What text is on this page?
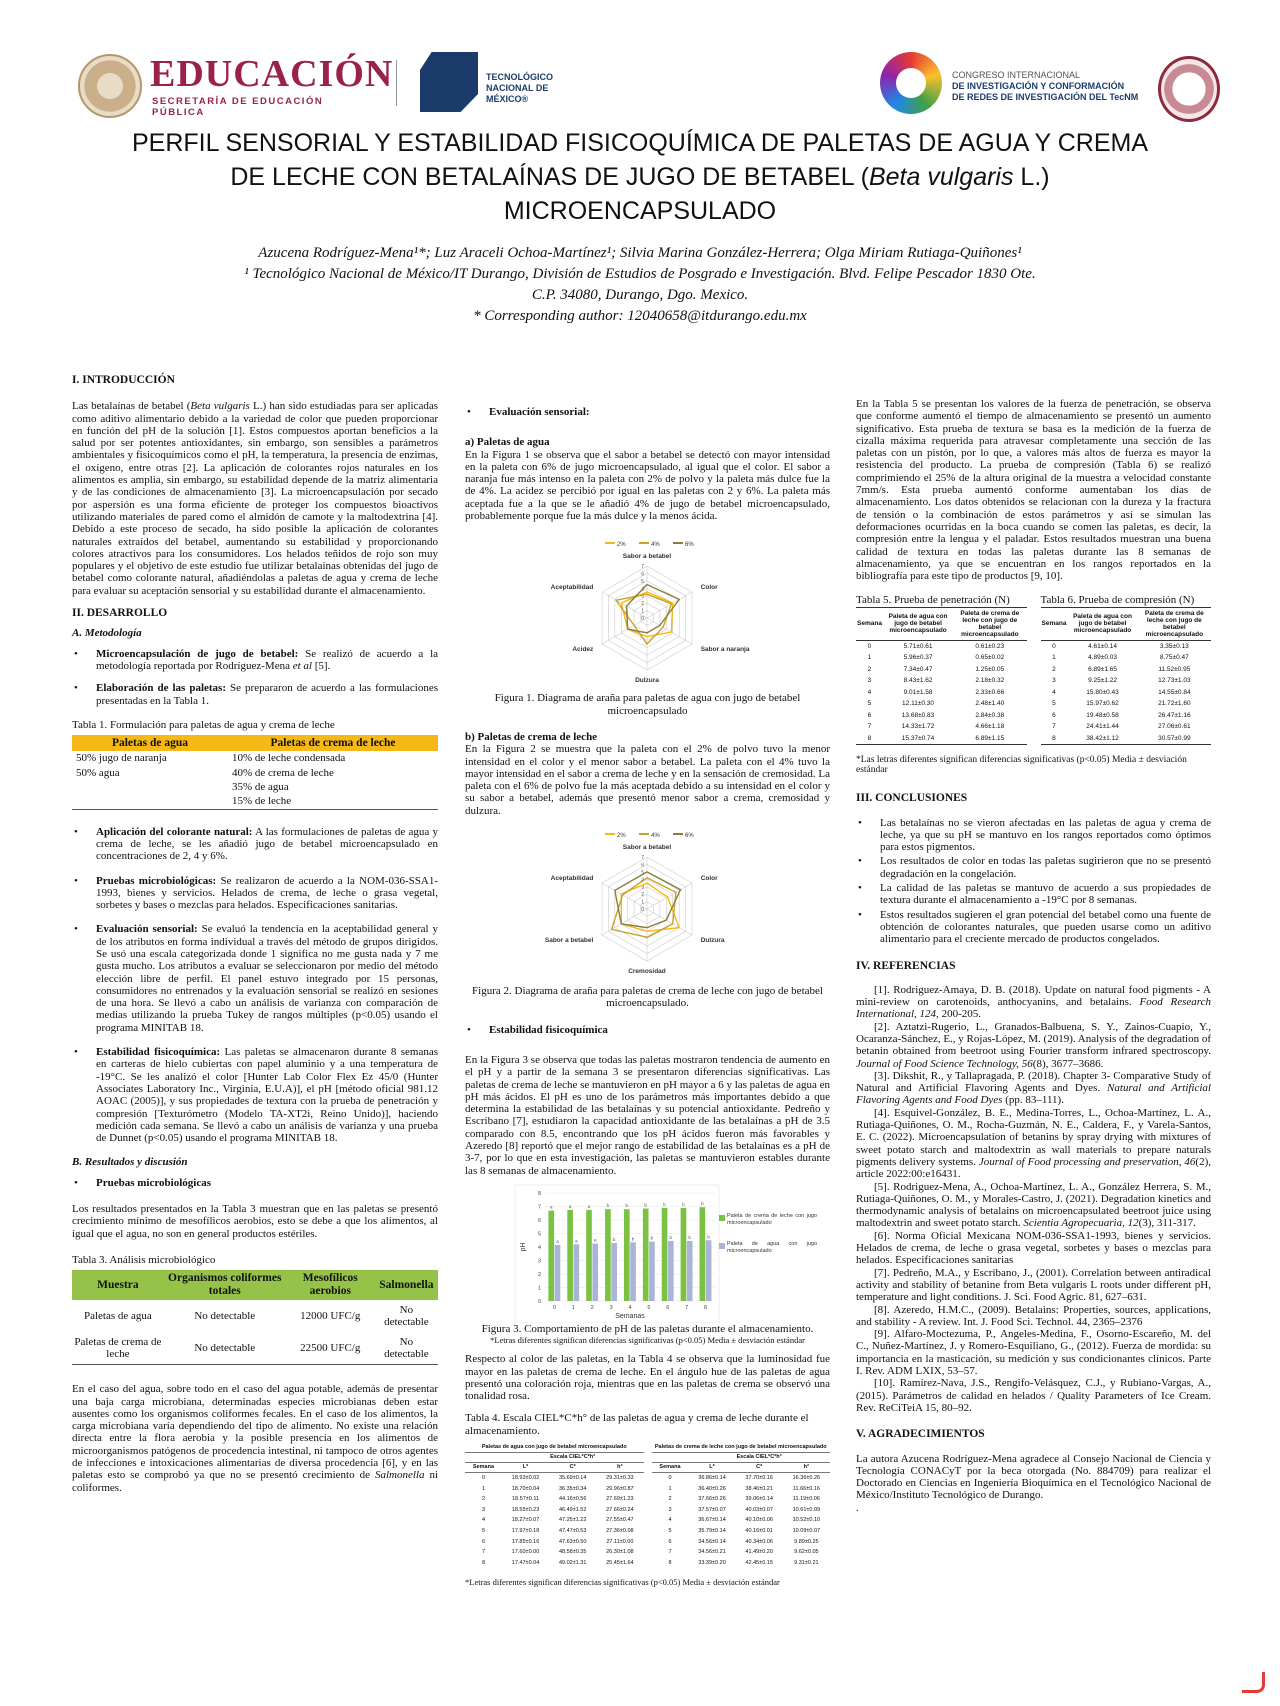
EDUCACIÓN
SECRETARÍA DE EDUCACIÓN PÚBLICA
TECNOLÓGICO
NACIONAL DE MÉXICO®
CONGRESO INTERNACIONAL
DE INVESTIGACIÓN Y CONFORMACIÓN
DE REDES DE INVESTIGACIÓN DEL TecNM
PERFIL SENSORIAL Y ESTABILIDAD FISICOQUÍMICA DE PALETAS DE AGUA Y CREMA
DE LECHE CON BETALAÍNAS DE JUGO DE BETABEL (Beta vulgaris L.)
MICROENCAPSULADO
Azucena Rodríguez-Mena¹*; Luz Araceli Ochoa-Martínez¹; Silvia Marina González-Herrera; Olga Miriam Rutiaga-Quiñones¹
¹ Tecnológico Nacional de México/IT Durango, División de Estudios de Posgrado e Investigación. Blvd. Felipe Pescador 1830 Ote.
C.P. 34080, Durango, Dgo. Mexico.
* Corresponding author: 12040658@itdurango.edu.mx

I. INTRODUCCIÓN

Las betalaínas de betabel (Beta vulgaris L.) han sido estudiadas para ser aplicadas como aditivo alimentario debido a la variedad de color que pueden proporcionar en función del pH de la solución [1]. Estos compuestos aportan beneficios a la salud por ser potentes antioxidantes, sin embargo, son sensibles a parámetros ambientales y fisicoquímicos como el pH, la temperatura, la presencia de enzimas, el oxígeno, entre otras [2]. La aplicación de colorantes rojos naturales en los alimentos es amplia, sin embargo, su estabilidad depende de la matriz alimentaria y de las condiciones de almacenamiento [3]. La microencapsulación por secado por aspersión es una forma eficiente de proteger los compuestos bioactivos utilizando materiales de pared como el almidón de camote y la maltodextrina [4]. Debido a este proceso de secado, ha sido posible la aplicación de colorantes naturales extraídos del betabel, aumentando su estabilidad y proporcionando colores atractivos para los consumidores. Los helados teñidos de rojo son muy populares y el objetivo de este estudio fue utilizar betalaínas obtenidas del jugo de betabel como colorante natural, añadiéndolas a paletas de agua y crema de leche para evaluar su aceptación sensorial y su estabilidad durante el almacenamiento.

II. DESARROLLO

A. Metodología

• Microencapsulación de jugo de betabel: Se realizó de acuerdo a la metodología reportada por Rodríguez-Mena et al [5].

• Elaboración de las paletas: Se prepararon de acuerdo a las formulaciones presentadas en la Tabla 1.

Tabla 1. Formulación para paletas de agua y crema de leche

Paletas de agua	Paletas de crema de leche
50% jugo de naranja	10% de leche condensada
50% agua	40% de crema de leche
	35% de agua
	15% de leche

• Aplicación del colorante natural: A las formulaciones de paletas de agua y crema de leche, se les añadió jugo de betabel microencapsulado en concentraciones de 2, 4 y 6%.

• Pruebas microbiológicas: Se realizaron de acuerdo a la NOM-036-SSA1-1993, bienes y servicios. Helados de crema, de leche o grasa vegetal, sorbetes y bases o mezclas para helados. Especificaciones sanitarias.

• Evaluación sensorial: Se evaluó la tendencia en la aceptabilidad general y de los atributos en forma individual a través del método de grupos dirigidos. Se usó una escala categorizada donde 1 significa no me gusta nada y 7 me gusta mucho. Los atributos a evaluar se seleccionaron por medio del método elección libre de perfil. El panel estuvo integrado por 15 personas, consumidores no entrenados y la evaluación sensorial se realizó en sesiones de una hora. Se llevó a cabo un análisis de varianza con comparación de medias utilizando la prueba Tukey de rangos múltiples (p<0.05) usando el programa MINITAB 18.

• Estabilidad fisicoquímica: Las paletas se almacenaron durante 8 semanas en carteras de hielo cubiertas con papel aluminio y a una temperatura de -19°C. Se les analizó el color [Hunter Lab Color Flex Ez 45/0 (Hunter Associates Laboratory Inc., Virginia, E.U.A)], el pH [método oficial 981.12 AOAC (2005)], y sus propiedades de textura con la prueba de penetración y compresión [Texturómetro (Modelo TA-XT2i, Reino Unido)], haciendo medición cada semana. Se llevó a cabo un análisis de varianza y una prueba de Dunnet (p<0.05) usando el programa MINITAB 18.

B. Resultados y discusión

• Pruebas microbiológicas

Los resultados presentados en la Tabla 3 muestran que en las paletas se presentó crecimiento mínimo de mesofílicos aerobios, esto se debe a que los alimentos, al igual que el agua, no son en general productos estériles.

Tabla 3. Análisis microbiológico

Muestra	Organismos coliformes totales	Mesofílicos aerobios	Salmonella
Paletas de agua	No detectable	12000 UFC/g	No detectable
Paletas de crema de leche	No detectable	22500 UFC/g	No detectable

En el caso del agua, sobre todo en el caso del agua potable, además de presentar una baja carga microbiana, determinadas especies microbianas deben estar ausentes como los organismos coliformes fecales. En el caso de los alimentos, la carga microbiana varía dependiendo del tipo de alimento. No existe una relación directa entre la flora aerobia y la posible presencia en los alimentos de microorganismos patógenos de procedencia intestinal, ni tampoco de otros agentes de infecciones e intoxicaciones alimentarias de diversa procedencia [6], y en las paletas esto se comprobó ya que no se presentó crecimiento de Salmonella ni coliformes.

• Evaluación sensorial:

a) Paletas de agua

En la Figura 1 se observa que el sabor a betabel se detectó con mayor intensidad en la paleta con 6% de jugo microencapsulado, al igual que el color. El sabor a naranja fue más intenso en la paleta con 2% de polvo y la paleta más dulce fue la de 4%. La acidez se percibió por igual en las paletas con 2 y 6%. La paleta más aceptada fue a la que se le añadió 4% de jugo de betabel microencapsulado, probablemente porque fue la más dulce y la menos ácida.

2%	4%	6%
Sabor a betabel
Color
Sabor a naranja
Dulzura
Acidez
Aceptabilidad
0
1
2
3
4
5
6
7

Figura 1. Diagrama de araña para paletas de agua con jugo de betabel microencapsulado

b) Paletas de crema de leche

En la Figura 2 se muestra que la paleta con el 2% de polvo tuvo la menor intensidad en el color y el menor sabor a betabel. La paleta con el 4% tuvo la mayor intensidad en el sabor a crema de leche y en la sensación de cremosidad. La paleta con el 6% de polvo fue la más aceptada debido a su intensidad en el color y su sabor a betabel, además que presentó menor sabor a crema, cremosidad y dulzura.

2%	4%	6%
Sabor a betabel
Color
Dulzura
Cremosidad
Sabor a betabel
Aceptabilidad
0
1
2
3
4
5
6
7

Figura 2. Diagrama de araña para paletas de crema de leche con jugo de betabel microencapsulado.

• Estabilidad fisicoquímica

En la Figura 3 se observa que todas las paletas mostraron tendencia de aumento en el pH y a partir de la semana 3 se presentaron diferencias significativas. Las paletas de crema de leche se mantuvieron en pH mayor a 6 y las paletas de agua en pH más ácidos. El pH es uno de los parámetros más importantes debido a que determina la estabilidad de las betalaínas y su potencial antioxidante. Pedreño y Escribano [7], estudiaron la capacidad antioxidante de las betalaínas a pH de 3.5 comparado con 8.5, encontrando que los pH ácidos fueron más favorables y Azeredo [8] reportó que el mejor rango de estabilidad de las betalaínas es a pH de 3-7, por lo que en esta investigación, las paletas se mantuvieron estables durante las 8 semanas de almacenamiento.

0
1
2
3
4
5
6
7
8
pH
a
a
0
a
a
1
a
a
2
b
b
3
b
b
4
b
b
5
b
b
6
b
b
7
b
b
8
Semanas
Paleta de crema de leche con jugo microencapsulado
Paleta de agua con jugo microencapsulado

Figura 3. Comportamiento de pH de las paletas durante el almacenamiento.

*Letras diferentes significan diferencias significativas (p<0.05) Media ± desviación estándar

Respecto al color de las paletas, en la Tabla 4 se observa que la luminosidad fue mayor en las paletas de crema de leche. En el ángulo hue de las paletas de agua presentó una coloración roja, mientras que en las paletas de crema se observó una tonalidad rosa.

Tabla 4. Escala CIEL*C*h° de las paletas de agua y crema de leche durante el almacenamiento.

Paletas de agua con jugo de betabel microencapsulado			
	Escala CIEL*C*h°		
Semana	L*	C*	h°
0	18.93±0.02	35.69±0.14	29.31±0.33
1	18.70±0.04	36.35±0.34	29.96±0.87
2	18.57±0.11	44.16±0.56	27.69±1.23
3	18.55±0.23	46.49±1.52	27.66±0.24
4	18.27±0.07	47.25±1.22	27.55±0.47
5	17.97±0.18	47.47±0.53	27.36±0.08
6	17.85±0.16	47.63±0.50	27.11±0.00
7	17.60±0.00	48.58±0.35	26.30±1.08
8	17.47±0.04	49.02±1.31	25.45±1.64
Paletas de crema de leche con jugo de betabel microencapsulado			
	Escala CIEL*C*h°		
Semana	L*	C*	h°
0	36.86±0.14	37.70±0.16	16.36±0.26
1	36.40±0.26	38.46±0.21	11.66±0.16
2	37.66±0.26	39.06±0.14	11.19±0.06
3	37.57±0.07	40.03±0.07	10.61±0.09
4	36.67±0.14	40.10±0.06	10.52±0.10
5	35.79±0.14	40.16±0.01	10.09±0.07
6	34.56±0.14	40.34±0.06	9.89±0.25
7	34.56±0.21	41.49±0.20	9.62±0.05
8	33.39±0.20	42.45±0.15	9.31±0.21

*Letras diferentes significan diferencias significativas (p<0.05) Media ± desviación estándar

En la Tabla 5 se presentan los valores de la fuerza de penetración, se observa que conforme aumentó el tiempo de almacenamiento se presentó un aumento significativo. Esta prueba de textura se basa es la medición de la fuerza de cizalla máxima requerida para atravesar completamente una sección de las paletas con un pistón, por lo que, a valores más altos de fuerza es mayor la resistencia del producto. La prueba de compresión (Tabla 6) se realizó comprimiendo el 25% de la altura original de la muestra a velocidad constante 7mm/s. Esta prueba aumentó conforme aumentaban los días de almacenamiento. Los datos obtenidos se relacionan con la dureza y la fractura de tensión o la combinación de estos parámetros y así se simulan las deformaciones ocurridas en la boca cuando se comen las paletas, es decir, la compresión entre la lengua y el paladar. Estos resultados muestran una buena calidad de textura en todas las paletas durante las 8 semanas de almacenamiento, ya que se encuentran en los rangos reportados en la bibliografía para este tipo de productos [9, 10].

Tabla 5. Prueba de penetración (N)

Semana	Paleta de agua con jugo de betabel microencapsulado	Paleta de crema de leche con jugo de betabel microencapsulado
0	5.71±0.61	0.61±0.23
1	5.96±0.37	0.65±0.02
2	7.34±0.47	1.25±0.05
3	8.43±1.62	2.18±0.32
4	9.01±1.58	2.33±0.66
5	12.11±0.30	2.48±1.40
6	13.68±0.83	2.84±0.38
7	14.33±1.72	4.66±1.18
8	15.37±0.74	6.89±1.15

Tabla 6. Prueba de compresión (N)

Semana	Paleta de agua con jugo de betabel microencapsulado	Paleta de crema de leche con jugo de betabel microencapsulado
0	4.61±0.14	3.35±0.13
1	4.89±0.03	8.75±0.47
2	6.89±1.65	11.52±0.95
3	9.25±1.22	12.73±1.03
4	15.80±0.43	14.55±0.84
5	15.97±0.62	21.72±1.60
6	19.48±0.58	26.47±1.16
7	24.41±1.44	27.06±0.61
8	38.42±1.12	30.57±0.99

*Las letras diferentes significan diferencias significativas (p<0.05) Media ± desviación estándar

III. CONCLUSIONES

• Las betalaínas no se vieron afectadas en las paletas de agua y crema de leche, ya que su pH se mantuvo en los rangos reportados como óptimos para estos pigmentos.

• Los resultados de color en todas las paletas sugirieron que no se presentó degradación en la congelación.

• La calidad de las paletas se mantuvo de acuerdo a sus propiedades de textura durante el almacenamiento a -19°C por 8 semanas.

• Estos resultados sugieren el gran potencial del betabel como una fuente de obtención de colorantes naturales, que pueden usarse como un aditivo alimentario para el creciente mercado de productos congelados.

IV. REFERENCIAS

[1]. Rodriguez-Amaya, D. B. (2018). Update on natural food pigments - A mini-review on carotenoids, anthocyanins, and betalains. Food Research International, 124, 200-205.

[2]. Aztatzi-Rugerio, L., Granados-Balbuena, S. Y., Zainos-Cuapio, Y., Ocaranza-Sánchez, E., y Rojas-López, M. (2019). Analysis of the degradation of betanin obtained from beetroot using Fourier transform infrared spectroscopy. Journal of Food Science Technology, 56(8), 3677–3686.

[3]. Dikshit, R., y Tallapragada, P. (2018). Chapter 3- Comparative Study of Natural and Artificial Flavoring Agents and Dyes. Natural and Artificial Flavoring Agents and Food Dyes (pp. 83–111).

[4]. Esquivel-González, B. E., Medina-Torres, L., Ochoa-Martínez, L. A., Rutiaga-Quiñones, O. M., Rocha-Guzmán, N. E., Caldera, F., y Varela-Santos, E. C. (2022). Microencapsulation of betanins by spray drying with mixtures of sweet potato starch and maltodextrin as wall materials to prepare naturals pigments delivery systems. Journal of Food processing and preservation, 46(2), article 2022:00:e16431.

[5]. Rodriguez-Mena, A., Ochoa-Martínez, L. A., González Herrera, S. M., Rutiaga-Quiñones, O. M., y Morales-Castro, J. (2021). Degradation kinetics and thermodynamic analysis of betalains on microencapsulated beetroot juice using maltodextrin and sweet potato starch. Scientia Agropecuaria, 12(3), 311-317.

[6]. Norma Oficial Mexicana NOM-036-SSA1-1993, bienes y servicios. Helados de crema, de leche o grasa vegetal, sorbetes y bases o mezclas para helados. Especificaciones sanitarias

[7]. Pedreño, M.A., y Escribano, J., (2001). Correlation between antiradical activity and stability of betanine from Beta vulgaris L roots under different pH, temperature and light conditions. J. Sci. Food Agric. 81, 627–631.

[8]. Azeredo, H.M.C., (2009). Betalains: Properties, sources, applications, and stability - A review. Int. J. Food Sci. Technol. 44, 2365–2376

[9]. Alfaro-Moctezuma, P., Angeles-Medina, F., Osorno-Escareño, M. del C., Nuñez-Martínez, J. y Romero-Esquiliano, G., (2012). Fuerza de mordida: su importancia en la masticación, su medición y sus condicionantes clínicos. Parte I. Rev. ADM LXIX, 53–57.

[10]. Ramírez-Nava, J.S., Rengifo-Velásquez, C.J., y Rubiano-Vargas, A., (2015). Parámetros de calidad en helados / Quality Parameters of Ice Cream. Rev. ReCiTeiA 15, 80–92.

V. AGRADECIMIENTOS

La autora Azucena Rodríguez-Mena agradece al Consejo Nacional de Ciencia y Tecnología CONACyT por la beca otorgada (No. 884709) para realizar el Doctorado en Ciencias en Ingeniería Bioquímica en el Tecnológico Nacional de México/Instituto Tecnológico de Durango.

.
